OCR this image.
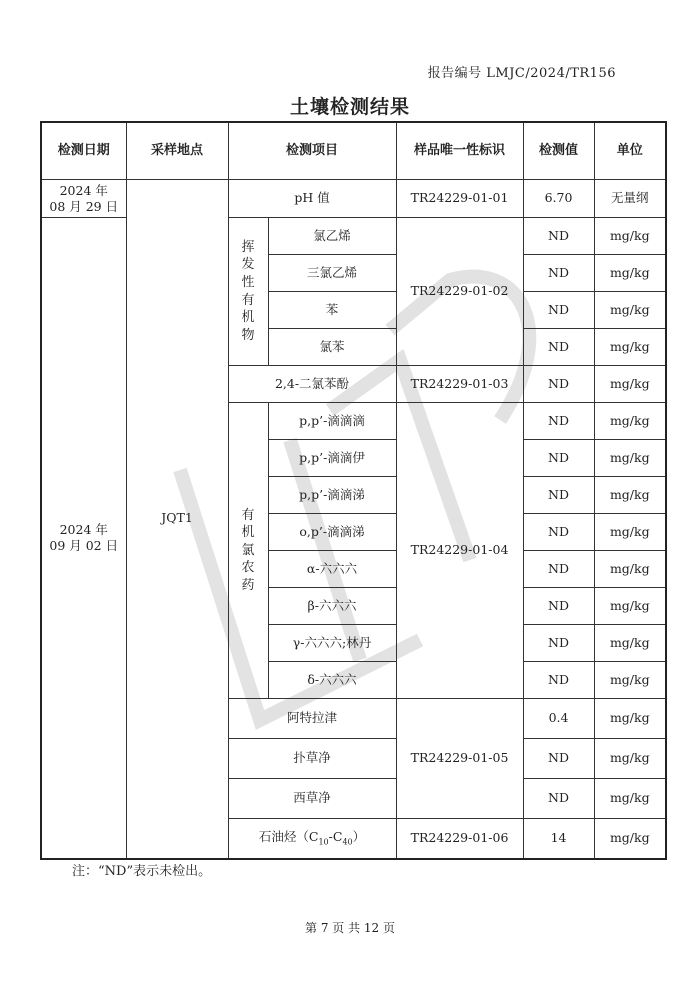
报告编号 LMJC/2024/TR156
土壤检测结果
检测日期	采样地点	检测项目		样品唯一性标识	检测值	单位
2024 年
08 月 29 日	JQT1	pH 值		TR24229-01-01	6.70	无量纲
2024 年
09 月 02 日		挥发性有机物	氯乙烯	TR24229-01-02	ND	mg/kg
			三氯乙烯		ND	mg/kg
			苯		ND	mg/kg
			氯苯		ND	mg/kg
		2,4-二氯苯酚		TR24229-01-03	ND	mg/kg
		有机氯农药	p,p’-滴滴滴	TR24229-01-04	ND	mg/kg
			p,p’-滴滴伊		ND	mg/kg
			p,p’-滴滴涕		ND	mg/kg
			o,p’-滴滴涕		ND	mg/kg
			α-六六六		ND	mg/kg
			β-六六六		ND	mg/kg
			γ-六六六;林丹		ND	mg/kg
			δ-六六六		ND	mg/kg
		阿特拉津		TR24229-01-05	0.4	mg/kg
		扑草净			ND	mg/kg
		西草净			ND	mg/kg
		石油烃$(C_{10}-C_{40})$		TR24229-01-06	14	mg/kg
注：“ND”表示未检出。
第 7 页 共 12 页
